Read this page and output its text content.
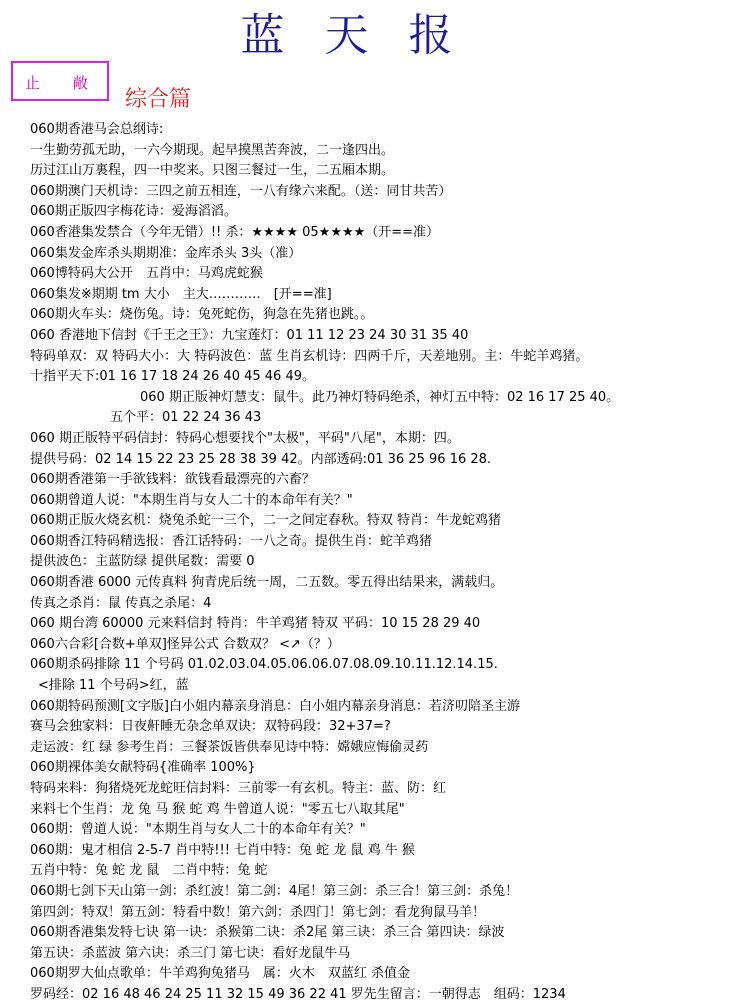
蓝天报
止 敞
综合篇
060期香港马会总纲诗:
一生勤劳孤无助，一六今期现。起早摸黑苦奔波，二一逢四出。
历过江山万裏程，四一中奖来。只图三餐过一生，二五厢本期。
060期澳门天机诗：三四之前五相连，一八有缘六来配。（送：同甘共苦）
060期正版四字梅花诗：爱海滔滔。
060香港集发禁合（今年无错）!! 杀：★★★★ 05★★★★（开==准）
060集发金库杀头期期准：金库杀头 3头（准）
060博特码大公开　五肖中：马鸡虎蛇猴
060集发※期期 tm 大小　主大…………　[开==准]
060期火车头：烧伤兔。诗：兔死蛇伤，狗急在先猪也跳。。
060 香港地下信封《千王之王》：九宝莲灯：01 11 12 23 24 30 31 35 40
特码单双：双 特码大小：大 特码波色：蓝 生肖玄机诗：四两千斤，天差地别。主：牛蛇羊鸡猪。
十指平天下:01 16 17 18 24 26 40 45 46 49。
060 期正版神灯慧支：鼠牛。此乃神灯特码绝杀，神灯五中特：02 16 17 25 40。
五个平：01 22 24 36 43
060 期正版特平码信封：特码心想要找个"太极"，平码"八尾"，本期：四。
提供号码：02 14 15 22 23 25 28 38 39 42。内部透码:01 36 25 96 16 28.
060期香港第一手欲钱料：欲钱看最漂亮的六畜？
060期曾道人说："本期生肖与女人二十的本命年有关？"
060期正版火烧玄机：烧兔杀蛇一三个，二一之间定春秋。特双 特肖：牛龙蛇鸡猪
060期香江特码精选报：香江话特码：一八之奇。提供生肖：蛇羊鸡猪
提供波色：主蓝防绿 提供尾数：需要 0
060期香港 6000 元传真料 狗青虎后统一周，二五数。零五得出结果来，满载归。
传真之杀肖：鼠 传真之杀尾：4
060 期台湾 60000 元来料信封 特肖：牛羊鸡猪 特双 平码：10 15 28 29 40
060六合彩[合数+单双]怪异公式 合数双？ <↗（？）
060期杀码排除 11 个号码 01.02.03.04.05.06.06.07.08.09.10.11.12.14.15.
<排除 11 个号码>红，蓝
060期特码预测[文字版]白小姐内幕亲身消息：白小姐内幕亲身消息：若济叨陪圣主游
赛马会独家料：日夜鼾睡无杂念单双诀：双特码段：32+37=?
走运波：红 绿 参考生肖：三餐茶饭皆供奉见诗中特：嫦娥应悔偷灵药
060期裸体美女献特码{准确率 100%}
特码来料：狗猪烧死龙蛇旺信封料：三前零一有玄机。特主：蓝、防：红
来料七个生肖：龙 兔 马 猴 蛇 鸡 牛曾道人说："零五七八取其尾"
060期：曾道人说："本期生肖与女人二十的本命年有关？"
060期：鬼才相信 2-5-7 肖中特!!! 七肖中特：兔 蛇 龙 鼠 鸡 牛 猴
五肖中特：兔 蛇 龙 鼠　二肖中特：兔 蛇
060期七剑下天山第一剑：杀红波！第二剑：4尾！第三剑：杀三合！第三剑：杀兔！
第四剑：特双！第五剑：特看中数！第六剑：杀四门！第七剑：看龙狗鼠马羊！
060期香港集发特七诀 第一诀：杀猴第二诀：杀2尾 第三诀：杀三合 第四诀：绿波
第五诀：杀蓝波 第六诀：杀三门 第七诀：看好龙鼠牛马
060期罗大仙点歌单：牛羊鸡狗兔猪马　属：火木　双蓝红 杀值金
罗码经：02 16 48 46 24 25 11 32 15 49 36 22 41 罗先生留言：一朝得志　组码：1234
